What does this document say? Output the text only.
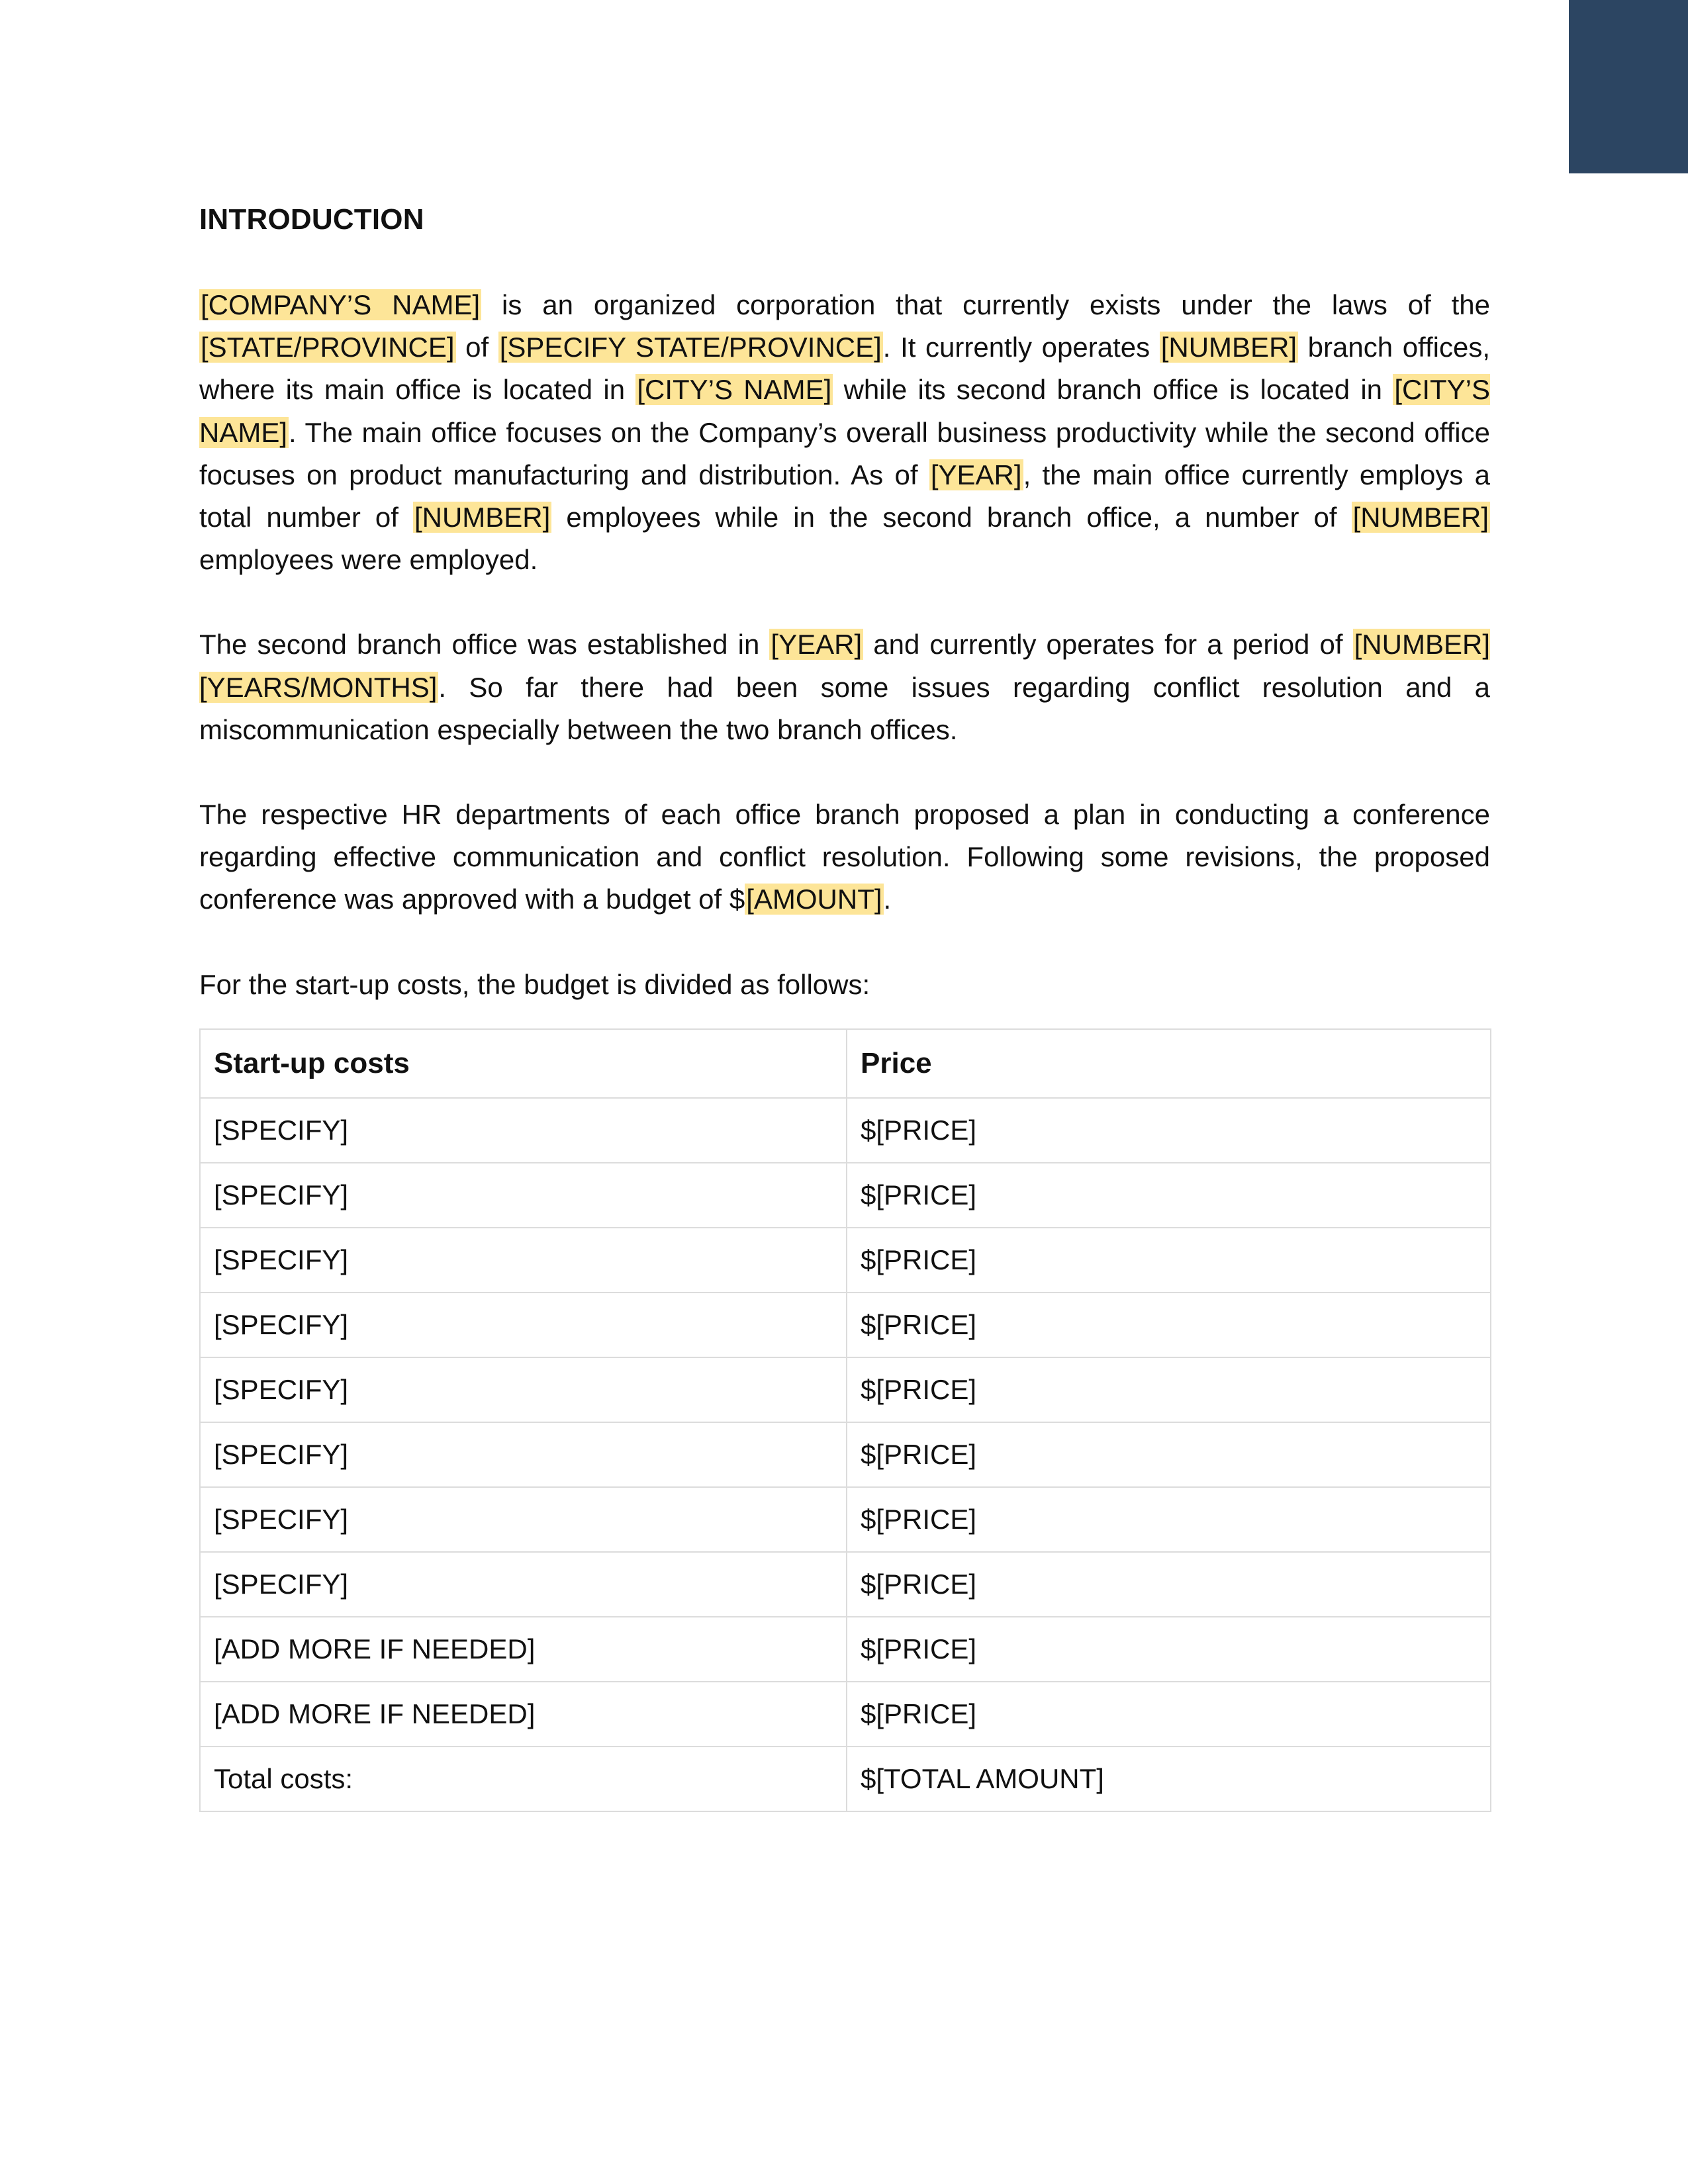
INTRODUCTION

[COMPANY’S NAME] is an organized corporation that currently exists under the laws of the [STATE/PROVINCE] of [SPECIFY STATE/PROVINCE]. It currently operates [NUMBER] branch offices, where its main office is located in [CITY’S NAME] while its second branch office is located in [CITY’S NAME]. The main office focuses on the Company’s overall business productivity while the second office focuses on product manufacturing and distribution. As of [YEAR], the main office currently employs a total number of [NUMBER] employees while in the second branch office, a number of [NUMBER] employees were employed.

The second branch office was established in [YEAR] and currently operates for a period of [NUMBER] [YEARS/MONTHS]. So far there had been some issues regarding conflict resolution and a miscommunication especially between the two branch offices.

The respective HR departments of each office branch proposed a plan in conducting a conference regarding effective communication and conflict resolution. Following some revisions, the proposed conference was approved with a budget of $[AMOUNT].

For the start-up costs, the budget is divided as follows:

Start-up costs	Price
[SPECIFY]	$[PRICE]
[SPECIFY]	$[PRICE]
[SPECIFY]	$[PRICE]
[SPECIFY]	$[PRICE]
[SPECIFY]	$[PRICE]
[SPECIFY]	$[PRICE]
[SPECIFY]	$[PRICE]
[SPECIFY]	$[PRICE]
[ADD MORE IF NEEDED]	$[PRICE]
[ADD MORE IF NEEDED]	$[PRICE]
Total costs:	$[TOTAL AMOUNT]
